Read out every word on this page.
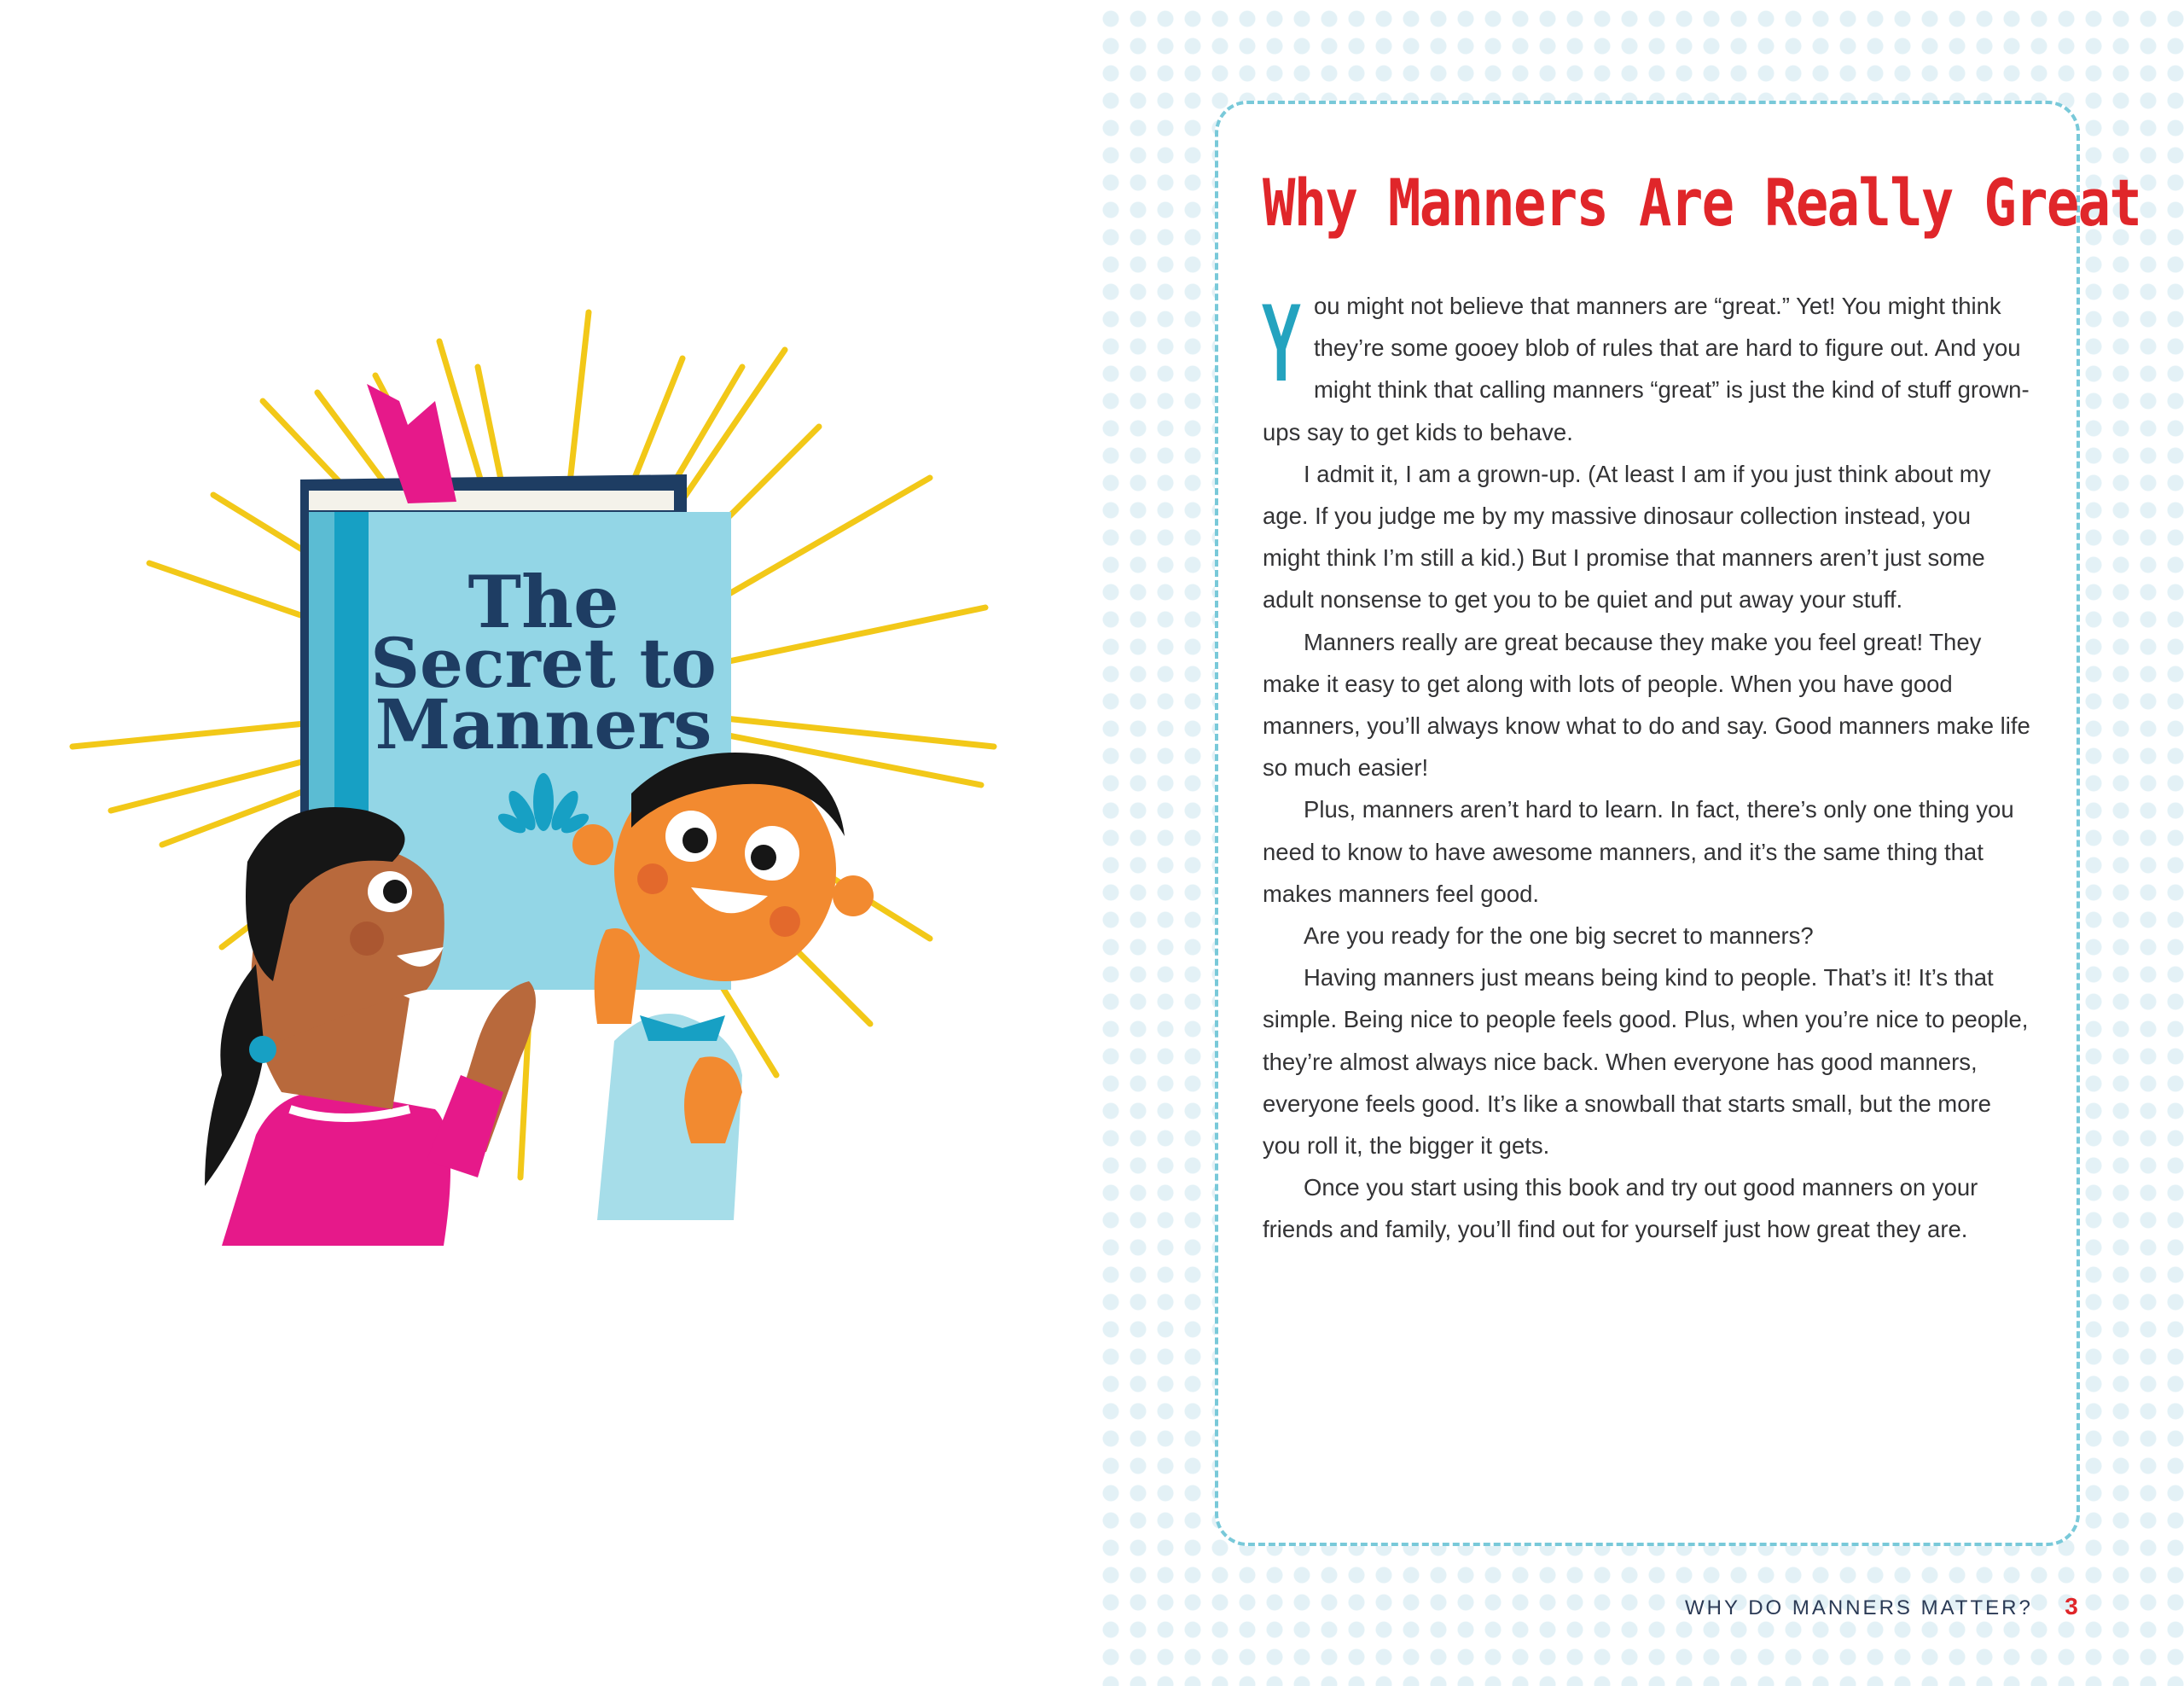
The
Secret to
Manners
Why Manners Are Really Great

You might not believe that manners are “great.” Yet! You might think they’re some gooey blob of rules that are hard to figure out. And you might think that calling manners “great” is just the kind of stuff grown-ups say to get kids to behave.

I admit it, I am a grown-up. (At least I am if you just think about my age. If you judge me by my massive dinosaur collection instead, you might think I’m still a kid.) But I promise that manners aren’t just some adult nonsense to get you to be quiet and put away your stuff.

Manners really are great because they make you feel great! They make it easy to get along with lots of people. When you have good manners, you’ll always know what to do and say. Good manners make life so much easier!

Plus, manners aren’t hard to learn. In fact, there’s only one thing you need to know to have awesome manners, and it’s the same thing that makes manners feel good.

Are you ready for the one big secret to manners?

Having manners just means being kind to people. That’s it! It’s that simple. Being nice to people feels good. Plus, when you’re nice to people, they’re almost always nice back. When everyone has good manners, everyone feels good. It’s like a snowball that starts small, but the more you roll it, the bigger it gets.

Once you start using this book and try out good manners on your friends and family, you’ll find out for yourself just how great they are.

WHY DO MANNERS MATTER?	3
